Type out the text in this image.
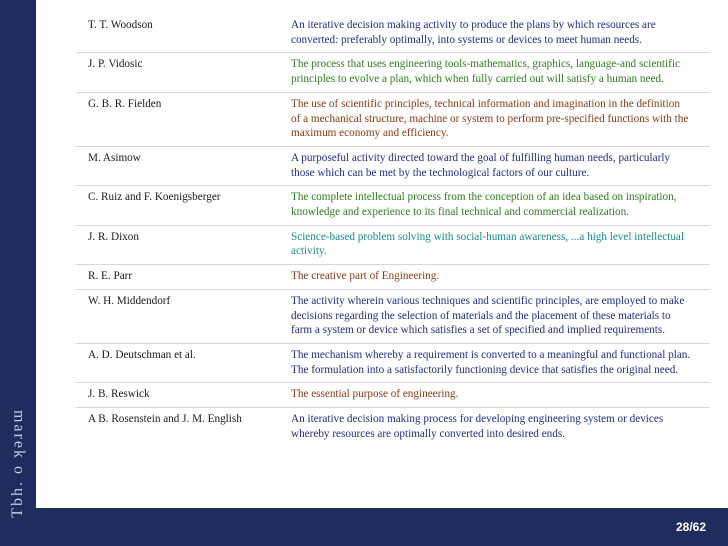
Tbh. o ʞǝɹɐɯ
T. T. Woodson	An iterative decision making activity to produce the plans by which resources are converted: preferably optimally, into systems or devices to meet human needs.
J. P. Vidosic	The process that uses engineering tools-mathematics, graphics, language-and scientific principles to evolve a plan, which when fully carried out will satisfy a human need.
G. B. R. Fielden	The use of scientific principles, technical information and imagination in the definition of a mechanical structure, machine or system to perform pre-specified functions with the maximum economy and efficiency.
M. Asimow	A purposeful activity directed toward the goal of fulfilling human needs, particularly those which can be met by the technological factors of our culture.
C. Ruiz and F. Koenigsberger	The complete intellectual process from the conception of an idea based on inspiration, knowledge and experience to its final technical and commercial realization.
J. R. Dixon	Science-based problem solving with social-human awareness, ...a high level intellectual activity.
R. E. Parr	The creative part of Engineering.
W. H. Middendorf	The activity wherein various techniques and scientific principles, are employed to make decisions regarding the selection of materials and the placement of these materials to farm a system or device which satisfies a set of specified and implied requirements.
A. D. Deutschman et al.	The mechanism whereby a requirement is converted to a meaningful and functional plan. The formulation into a satisfactorily functioning device that satisfies the original need.
J. B. Reswick	The essential purpose of engineering.
A B. Rosenstein and J. M. English	An iterative decision making process for developing engineering system or devices whereby resources are optimally converted into desired ends.
28/62
